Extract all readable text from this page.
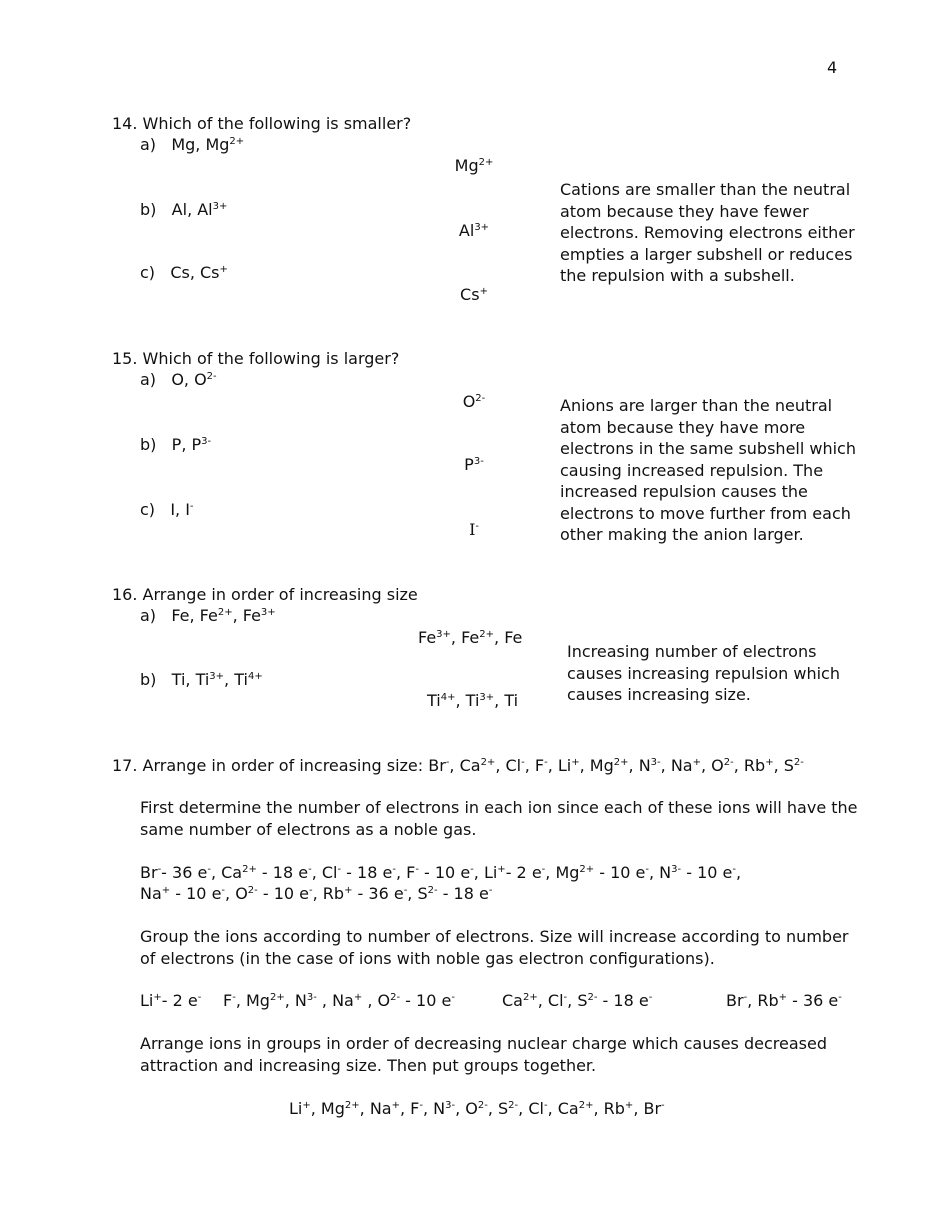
4
14. Which of the following is smaller?
a) Mg, $Mg^{2+}$
$Mg^{2+}$
b) Al, $Al^{3+}$
$Al^{3+}$
c) Cs, Cs+
Cs+
Cations are smaller than the neutral atom because they have fewer electrons. Removing electrons either empties a larger subshell or reduces the repulsion with a subshell.
15. Which of the following is larger?
a) O, $O^{2-}$
$O^{2-}$
b) P, $P^{3-}$
$P^{3-}$
c) I, I-
I-
Anions are larger than the neutral atom because they have more electrons in the same subshell which causing increased repulsion. The increased repulsion causes the electrons to move further from each other making the anion larger.
16. Arrange in order of increasing size
a) Fe, $Fe^{2+}$, $Fe^{3+}$
$Fe^{3+}$, $Fe^{2+}$, Fe
b) Ti, $Ti^{3+}$, $Ti^{4+}$
$Ti^{4+}$, $Ti^{3+}$, Ti
Increasing number of electrons causes increasing repulsion which causes increasing size.
17. Arrange in order of increasing size: Br-, $Ca^{2+}$, Cl-, F-, Li+, $Mg^{2+}$, $N^{3-}$, Na+, $O^{2-}$, Rb+, $S^{2-}$
First determine the number of electrons in each ion since each of these ions will have the same number of electrons as a noble gas.
Br-- 36 e-, $Ca^{2+} - 18$ e-, Cl- - 18 e-, F- - 10 e-, Li+- 2 e-, $Mg^{2+} - 10$ e-, $N^{3-} - 10$ e-,
Na+ - 10 e-, $O^{2-} - 10$ e-, Rb+ - 36 e-, $S^{2-} - 18$ e-
Group the ions according to number of electrons. Size will increase according to number of electrons (in the case of ions with noble gas electron configurations).
Li+- 2 e- F-, $Mg^{2+}$, $N^{3-}$ , Na+ , $O^{2-} - 10$ e-	$Ca^{2+}$, Cl-, $S^{2-} - 18$ e-	Br-, Rb+ - 36 e-
Arrange ions in groups in order of decreasing nuclear charge which causes decreased attraction and increasing size. Then put groups together.
Li+, $Mg^{2+}$, Na+, F-, $N^{3-}$, $O^{2-}$, $S^{2-}$, Cl-, $Ca^{2+}$, Rb+, Br-
